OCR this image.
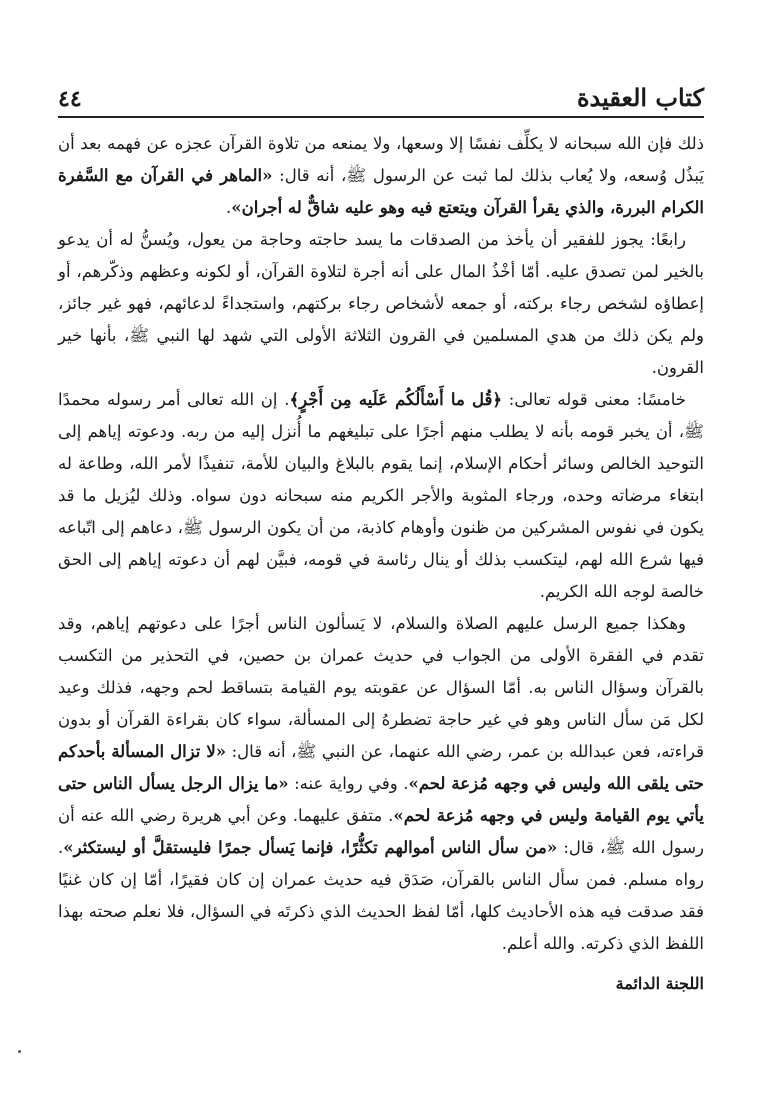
كتاب العقيدة
٤٤

ذلك فإن الله سبحانه لا يكلِّف نفسًا إلا وسعها، ولا يمنعه من تلاوة القرآن عجزه عن فهمه بعد أن يَبذُل وُسعه، ولا يُعاب بذلك لما ثبت عن الرسول ﷺ، أنه قال: «الماهر في القرآن مع السَّفرة الكرام البررة، والذي يقرأ القرآن ويتعتع فيه وهو عليه شاقٌّ له أجران».

رابعًا: يجوز للفقير أن يأخذ من الصدقات ما يسد حاجته وحاجة من يعول، ويُسنُّ له أن يدعو بالخير لمن تصدق عليه. أمّا أخْذُ المال على أنه أجرة لتلاوة القرآن، أو لكونه وعظهم وذكّرهم، أو إعطاؤه لشخص رجاء بركته، أو جمعه لأشخاص رجاء بركتهم، واستجداءً لدعائهم، فهو غير جائز، ولم يكن ذلك من هدي المسلمين في القرون الثلاثة الأولى التي شهد لها النبي ﷺ، بأنها خير القرون.

خامسًا: معنى قوله تعالى: ﴿قُل ما أَسْأَلُكُم عَلَيه مِن أَجْرٍ﴾. إن الله تعالى أمر رسوله محمدًا ﷺ، أن يخبر قومه بأنه لا يطلب منهم أجرًا على تبليغهم ما أُنزل إليه من ربه. ودعوته إياهم إلى التوحيد الخالص وسائر أحكام الإسلام، إنما يقوم بالبلاغ والبيان للأمة، تنفيذًا لأمر الله، وطاعة له ابتغاء مرضاته وحده، ورجاء المثوبة والأجر الكريم منه سبحانه دون سواه. وذلك ليُزيل ما قد يكون في نفوس المشركين من ظنون وأوهام كاذبة، من أن يكون الرسول ﷺ، دعاهم إلى اتّباعه فيها شرع الله لهم، ليتكسب بذلك أو ينال رئاسة في قومه، فبيَّن لهم أن دعوته إياهم إلى الحق خالصة لوجه الله الكريم.

وهكذا جميع الرسل عليهم الصلاة والسلام، لا يَسألون الناس أجرًا على دعوتهم إياهم، وقد تقدم في الفقرة الأولى من الجواب في حديث عمران بن حصين، في التحذير من التكسب بالقرآن وسؤال الناس به. أمّا السؤال عن عقوبته يوم القيامة بتساقط لحم وجهه، فذلك وعيد لكل مَن سأل الناس وهو في غير حاجة تضطرهُ إلى المسألة، سواء كان بقراءة القرآن أو بدون قراءته، فعن عبدالله بن عمر، رضي الله عنهما، عن النبي ﷺ، أنه قال: «لا تزال المسألة بأحدكم حتى يلقى الله وليس في وجهه مُزعة لحم». وفي رواية عنه: «ما يزال الرجل يسأل الناس حتى يأتي يوم القيامة وليس في وجهه مُزعة لحم». متفق عليهما. وعن أبي هريرة رضي الله عنه أن رسول الله ﷺ، قال: «من سأل الناس أموالهم تكثُّرًا، فإنما يَسأل جمرًا فليستقلَّ أو ليستكثر». رواه مسلم. فمن سأل الناس بالقرآن، صَدَق فيه حديث عمران إن كان فقيرًا، أمّا إن كان غنيًا فقد صدقت فيه هذه الأحاديث كلها، أمّا لفظ الحديث الذي ذكرتَه في السؤال، فلا نعلم صحته بهذا اللفظ الذي ذكرته. والله أعلم.

اللجنة الدائمة
